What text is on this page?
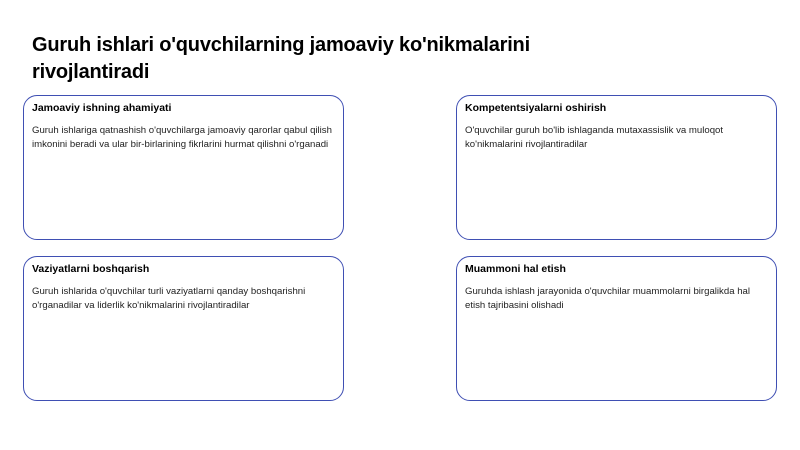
Guruh ishlari o'quvchilarning jamoaviy ko'nikmalarini rivojlantiradi

Jamoaviy ishning ahamiyati

Guruh ishlariga qatnashish o'quvchilarga jamoaviy qarorlar qabul qilish imkonini beradi va ular bir-birlarining fikrlarini hurmat qilishni o'rganadi

Kompetentsiyalarni oshirish

O'quvchilar guruh bo'lib ishlaganda mutaxassislik va muloqot ko'nikmalarini rivojlantiradilar

Vaziyatlarni boshqarish

Guruh ishlarida o'quvchilar turli vaziyatlarni qanday boshqarishni o'rganadilar va liderlik ko'nikmalarini rivojlantiradilar

Muammoni hal etish

Guruhda ishlash jarayonida o'quvchilar muammolarni birgalikda hal etish tajribasini olishadi
